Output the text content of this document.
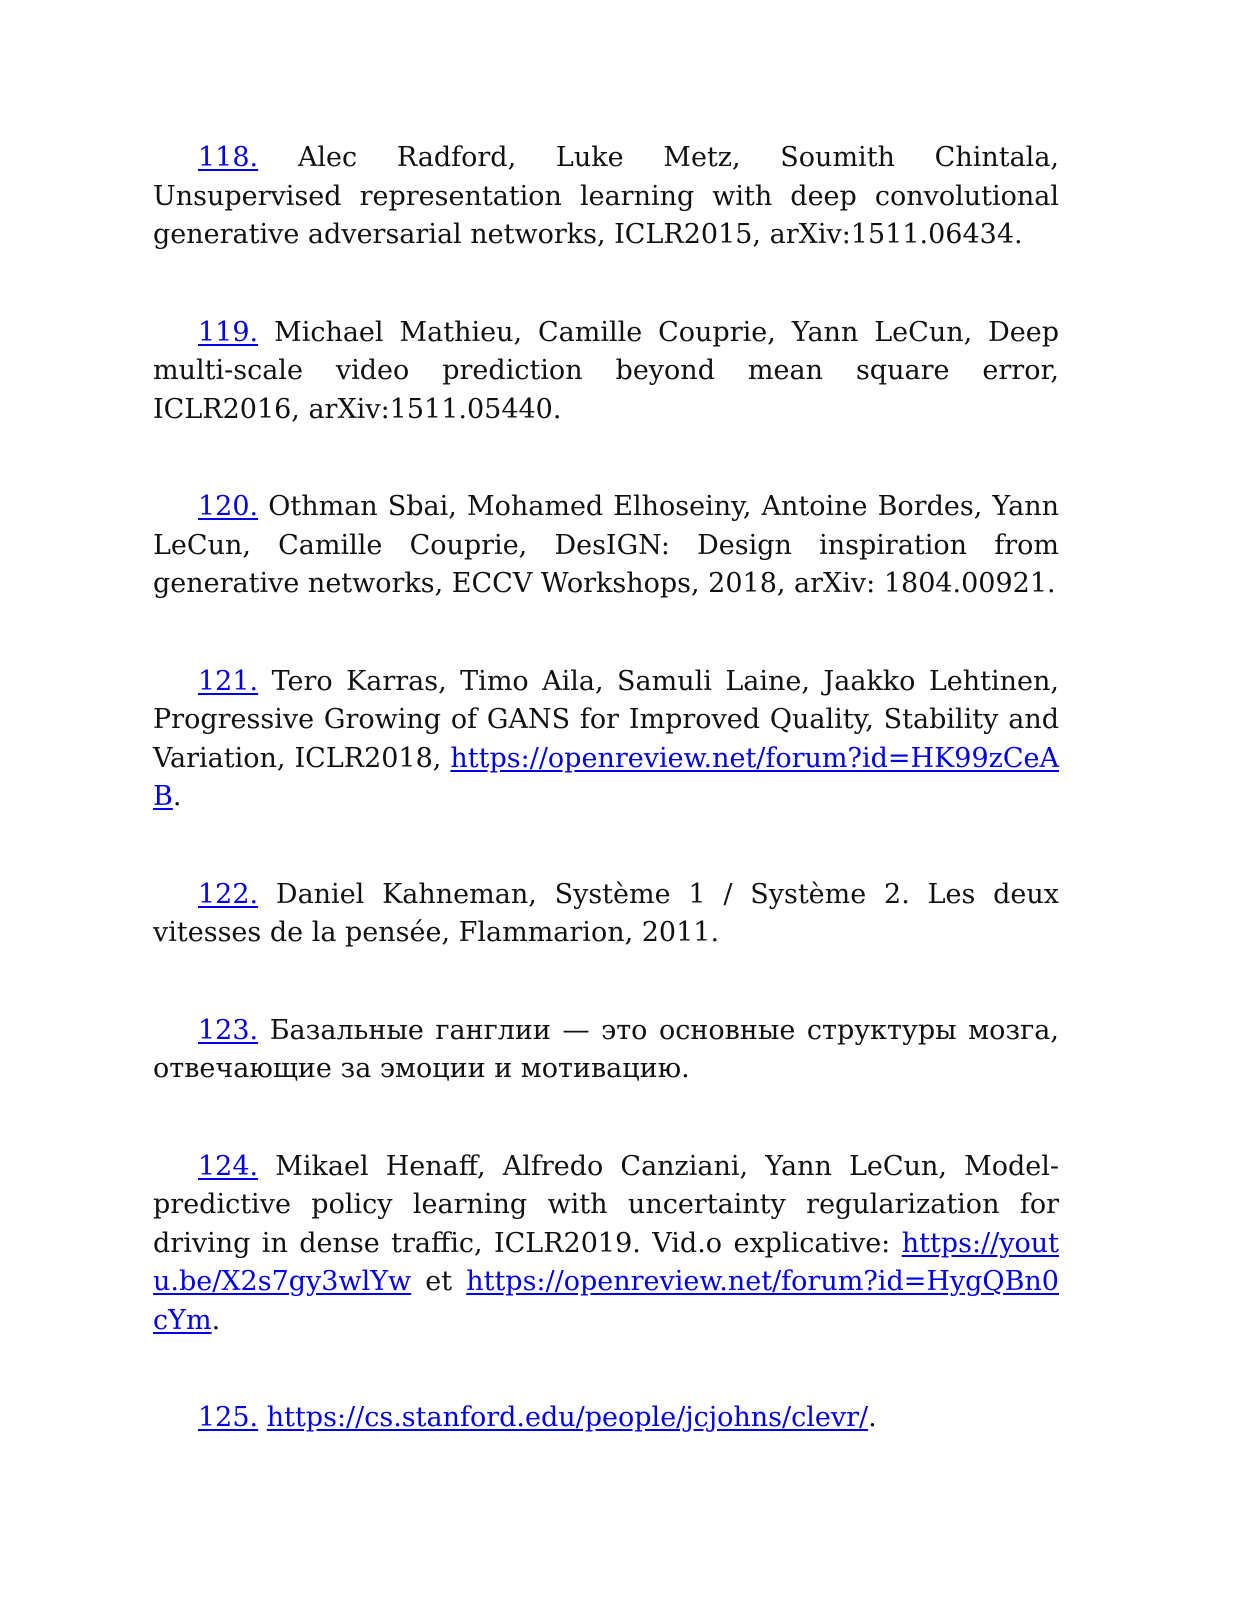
118. Alec Radford, Luke Metz, Soumith Chintala, Unsupervised representation learning with deep convolutional generative adversarial networks, ICLR2015, arXiv:1511.06434.

119. Michael Mathieu, Camille Couprie, Yann LeCun, Deep multi-scale video prediction beyond mean square error, ICLR2016, arXiv:1511.05440.

120. Othman Sbai, Mohamed Elhoseiny, Antoine Bordes, Yann LeCun, Camille Couprie, DesIGN: Design inspiration from generative networks, ECCV Workshops, 2018, arXiv: 1804.00921.

121. Tero Karras, Timo Aila, Samuli Laine, Jaakko Lehtinen, Progressive Growing of GANS for Improved Quality, Stability and Variation, ICLR2018, https://openreview.net/forum?id=HK99zCeAB.

122. Daniel Kahneman, Système 1 / Système 2. Les deux vitesses de la pensée, Flammarion, 2011.

123. Базальные ганглии — это основные структуры мозга, отвечающие за эмоции и мотивацию.

124. Mikael Henaff, Alfredo Canziani, Yann LeCun, Model-predictive policy learning with uncertainty regularization for driving in dense traffic, ICLR2019. Vid.o explicative: https://youtu.be/X2s7gy3wlYw et https://openreview.net/forum?id=HygQBn0cYm.

125. https://cs.stanford.edu/people/jcjohns/clevr/.
